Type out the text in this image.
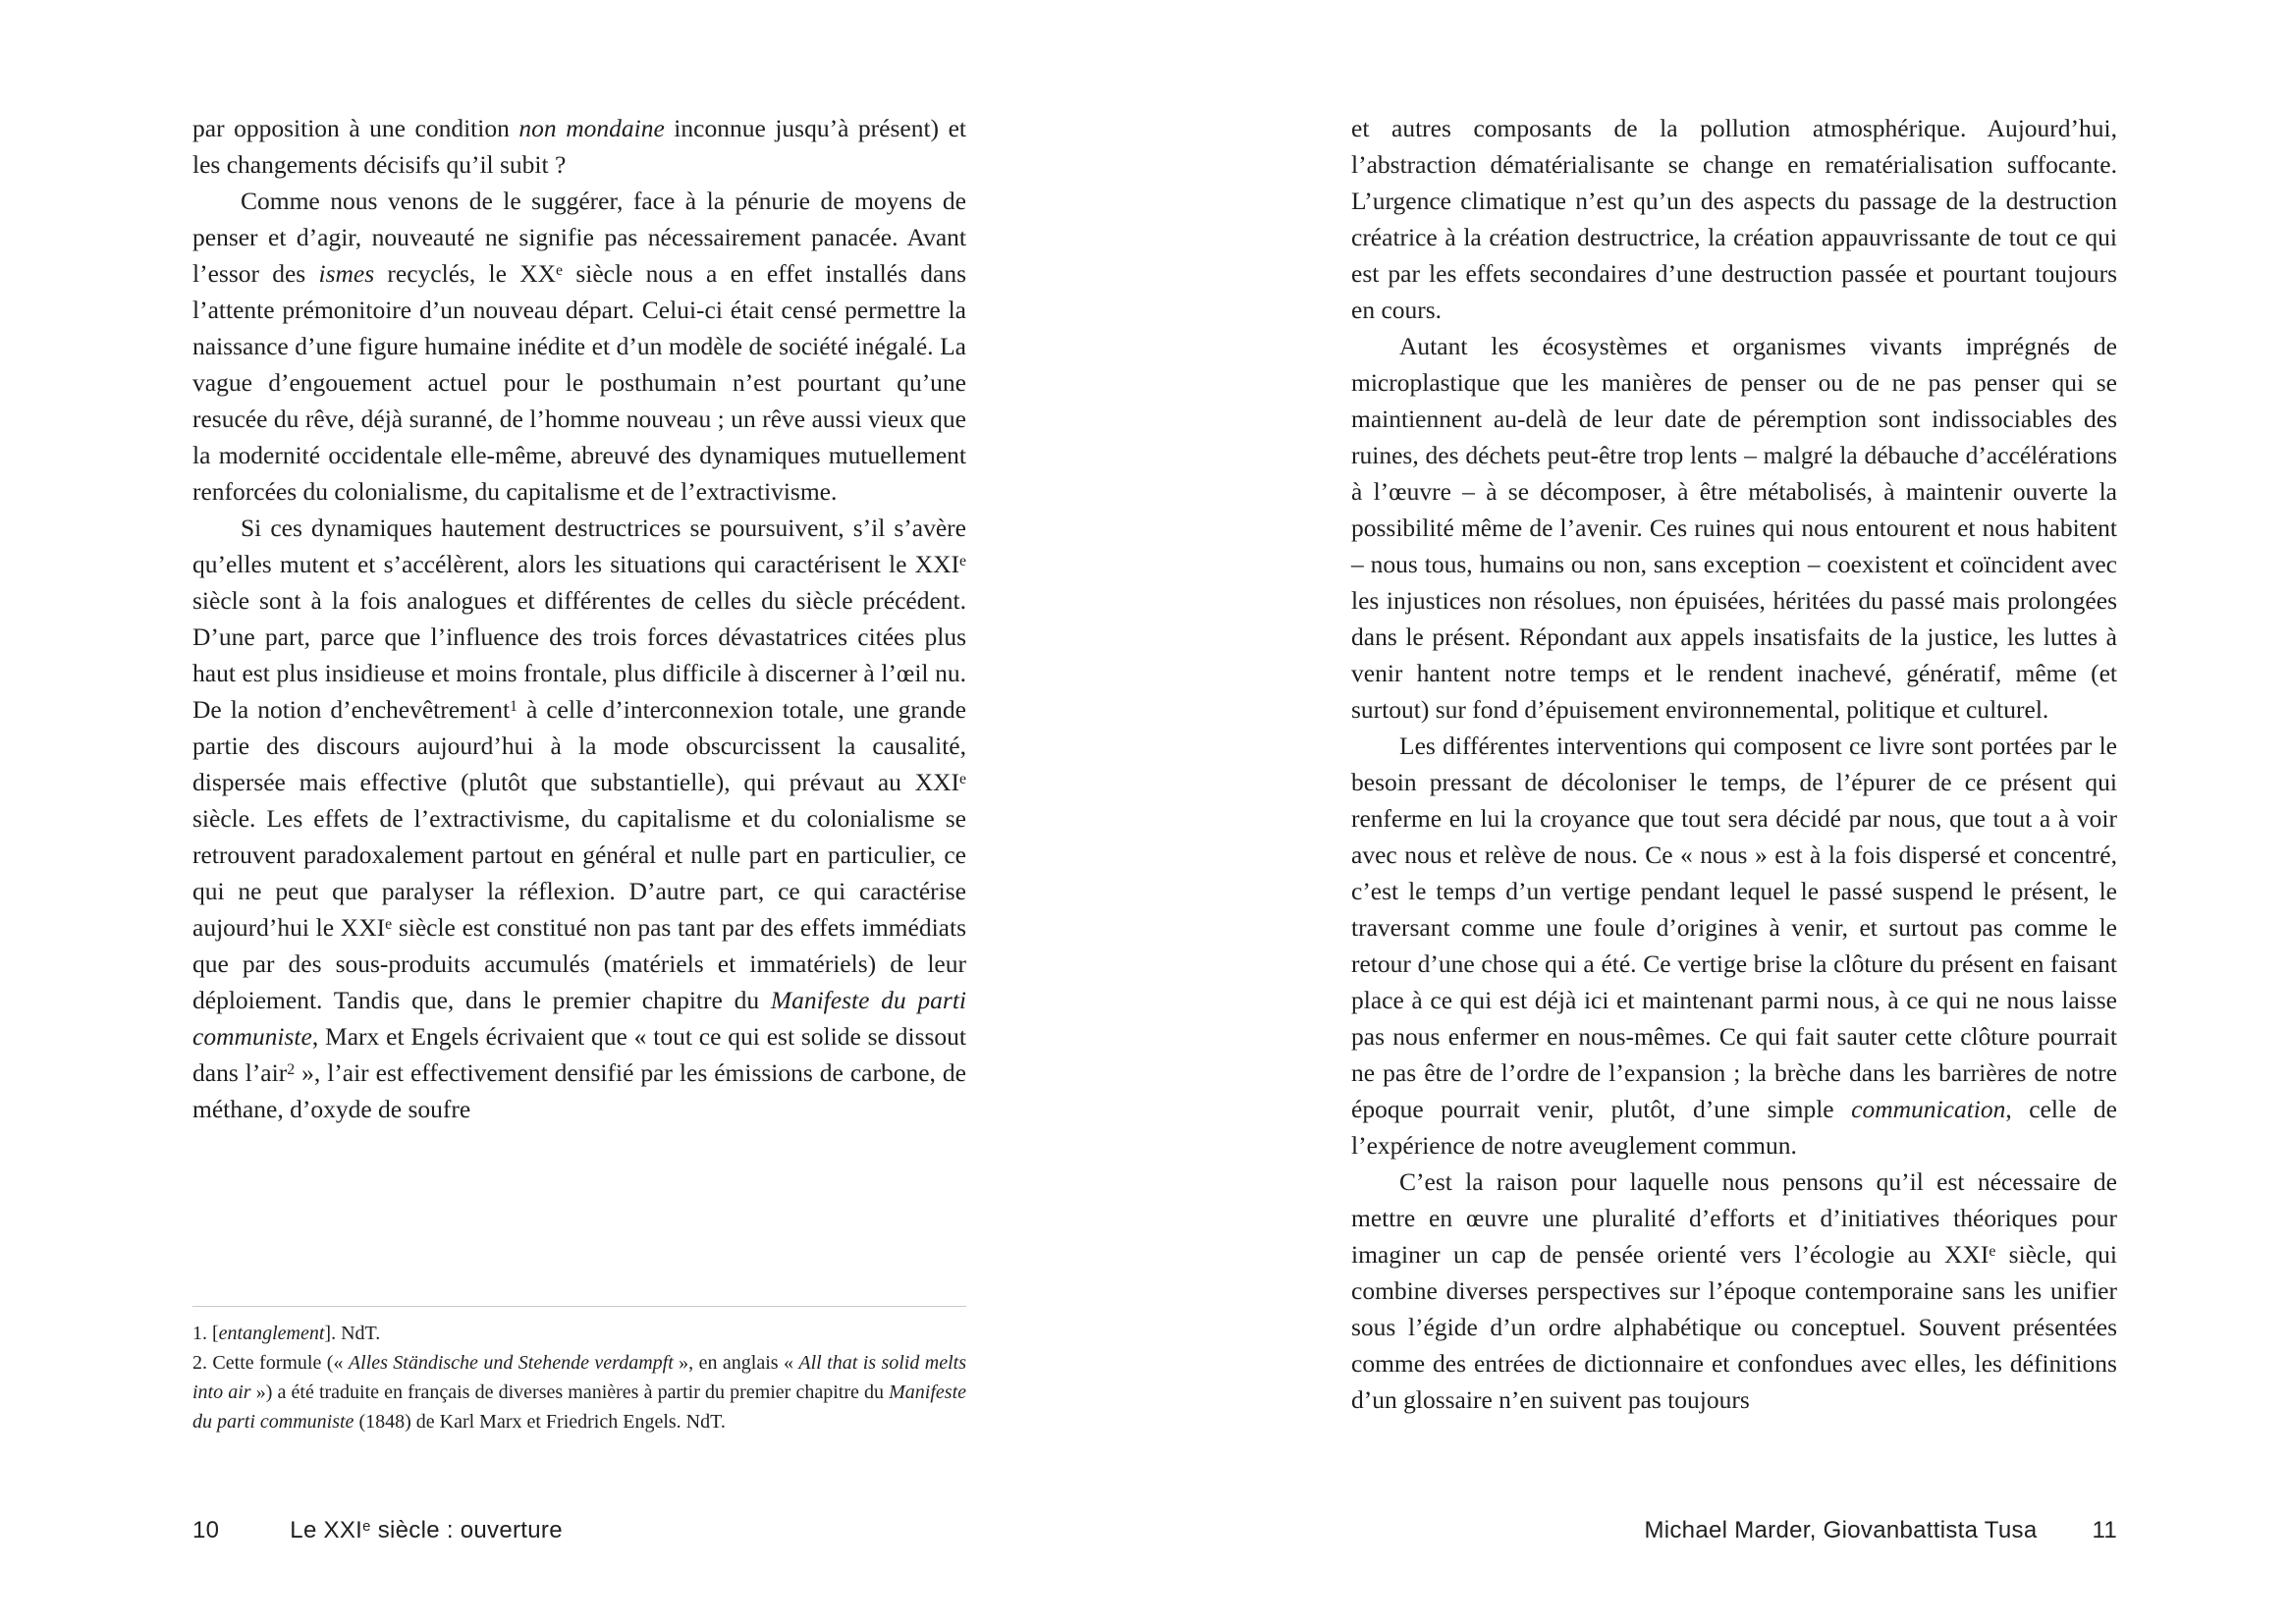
par opposition à une condition non mondaine inconnue jusqu’à présent) et les changements décisifs qu’il subit ?

Comme nous venons de le suggérer, face à la pénurie de moyens de penser et d’agir, nouveauté ne signifie pas nécessairement panacée. Avant l’essor des ismes recyclés, le XXe siècle nous a en effet installés dans l’attente prémonitoire d’un nouveau départ. Celui-ci était censé permettre la naissance d’une figure humaine inédite et d’un modèle de société inégalé. La vague d’engouement actuel pour le posthumain n’est pourtant qu’une resucée du rêve, déjà suranné, de l’homme nouveau ; un rêve aussi vieux que la modernité occidentale elle-même, abreuvé des dynamiques mutuellement renforcées du colonialisme, du capitalisme et de l’extractivisme.

Si ces dynamiques hautement destructrices se poursuivent, s’il s’avère qu’elles mutent et s’accélèrent, alors les situations qui caractérisent le XXIe siècle sont à la fois analogues et différentes de celles du siècle précédent. D’une part, parce que l’influence des trois forces dévastatrices citées plus haut est plus insidieuse et moins frontale, plus difficile à discerner à l’œil nu. De la notion d’enchevêtrement$^1$ à celle d’interconnexion totale, une grande partie des discours aujourd’hui à la mode obscurcissent la causalité, dispersée mais effective (plutôt que substantielle), qui prévaut au XXIe siècle. Les effets de l’extractivisme, du capitalisme et du colonialisme se retrouvent paradoxalement partout en général et nulle part en particulier, ce qui ne peut que paralyser la réflexion. D’autre part, ce qui caractérise aujourd’hui le XXIe siècle est constitué non pas tant par des effets immédiats que par des sous-produits accumulés (matériels et immatériels) de leur déploiement. Tandis que, dans le premier chapitre du Manifeste du parti communiste, Marx et Engels écrivaient que « tout ce qui est solide se dissout dans l’air$^2$ », l’air est effectivement densifié par les émissions de carbone, de méthane, d’oxyde de soufre

1. [entanglement]. NdT.

2. Cette formule (« Alles Ständische und Stehende verdampft », en anglais « All that is solid melts into air ») a été traduite en français de diverses manières à partir du premier chapitre du Manifeste du parti communiste (1848) de Karl Marx et Friedrich Engels. NdT.

10	Le XXIe siècle : ouverture

et autres composants de la pollution atmosphérique. Aujourd’hui, l’abstraction dématérialisante se change en rematérialisation suffocante. L’urgence climatique n’est qu’un des aspects du passage de la destruction créatrice à la création destructrice, la création appauvrissante de tout ce qui est par les effets secondaires d’une destruction passée et pourtant toujours en cours.

Autant les écosystèmes et organismes vivants imprégnés de microplastique que les manières de penser ou de ne pas penser qui se maintiennent au-delà de leur date de péremption sont indissociables des ruines, des déchets peut-être trop lents – malgré la débauche d’accélérations à l’œuvre – à se décomposer, à être métabolisés, à maintenir ouverte la possibilité même de l’avenir. Ces ruines qui nous entourent et nous habitent – nous tous, humains ou non, sans exception – coexistent et coïncident avec les injustices non résolues, non épuisées, héritées du passé mais prolongées dans le présent. Répondant aux appels insatisfaits de la justice, les luttes à venir hantent notre temps et le rendent inachevé, génératif, même (et surtout) sur fond d’épuisement environnemental, politique et culturel.

Les différentes interventions qui composent ce livre sont portées par le besoin pressant de décoloniser le temps, de l’épurer de ce présent qui renferme en lui la croyance que tout sera décidé par nous, que tout a à voir avec nous et relève de nous. Ce « nous » est à la fois dispersé et concentré, c’est le temps d’un vertige pendant lequel le passé suspend le présent, le traversant comme une foule d’origines à venir, et surtout pas comme le retour d’une chose qui a été. Ce vertige brise la clôture du présent en faisant place à ce qui est déjà ici et maintenant parmi nous, à ce qui ne nous laisse pas nous enfermer en nous-mêmes. Ce qui fait sauter cette clôture pourrait ne pas être de l’ordre de l’expansion ; la brèche dans les barrières de notre époque pourrait venir, plutôt, d’une simple communication, celle de l’expérience de notre aveuglement commun.

C’est la raison pour laquelle nous pensons qu’il est nécessaire de mettre en œuvre une pluralité d’efforts et d’initiatives théoriques pour imaginer un cap de pensée orienté vers l’écologie au XXIe siècle, qui combine diverses perspectives sur l’époque contemporaine sans les unifier sous l’égide d’un ordre alphabétique ou conceptuel. Souvent présentées comme des entrées de dictionnaire et confondues avec elles, les définitions d’un glossaire n’en suivent pas toujours

Michael Marder, Giovanbattista Tusa 11
